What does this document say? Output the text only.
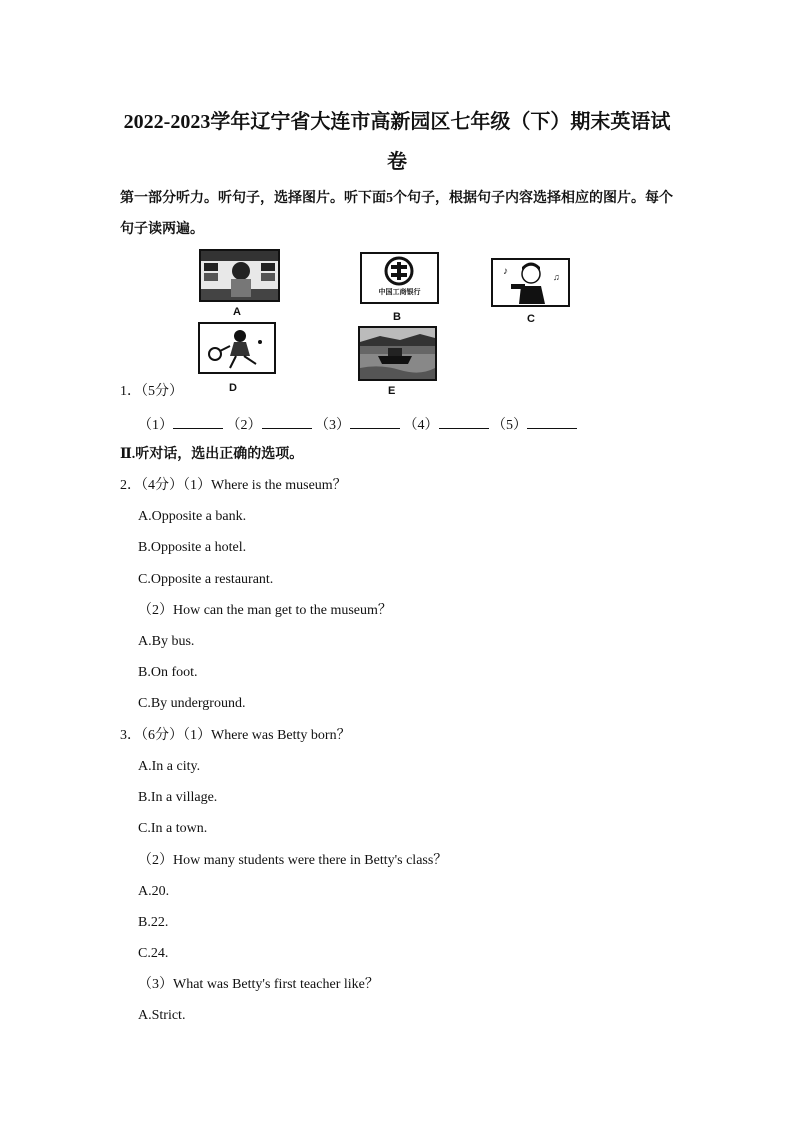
2022-2023学年辽宁省大连市高新园区七年级（下）期末英语试
卷
第一部分听力。听句子，选择图片。听下面5个句子，根据句子内容选择相应的图片。每个句子读两遍。
A
中国工商银行
B
♪	♫
C
D	E
1．（5分）
（1）	（2）	（3）	（4）	（5）
Ⅱ.听对话，选出正确的选项。
2．（4分）（1）Where is the museum？
A.Opposite a bank.
B.Opposite a hotel.
C.Opposite a restaurant.
（2）How can the man get to the museum？
A.By bus.
B.On foot.
C.By underground.
3．（6分）（1）Where was Betty born？
A.In a city.
B.In a village.
C.In a town.
（2）How many students were there in Betty's class？
A.20.
B.22.
C.24.
（3）What was Betty's first teacher like？
A.Strict.
